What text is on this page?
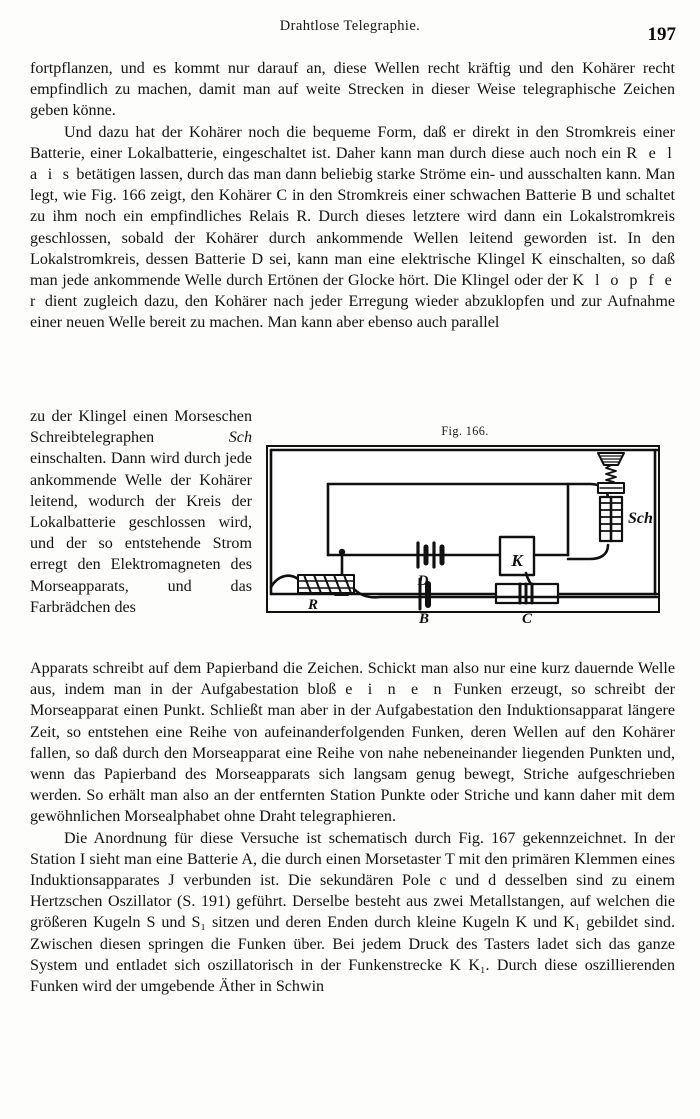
Drahtlose Telegraphie.	197

fortpflanzen, und es kommt nur darauf an, diese Wellen recht kräftig und den Kohärer recht empfindlich zu machen, damit man auf weite Strecken in dieser Weise telegraphische Zeichen geben könne.

Und dazu hat der Kohärer noch die bequeme Form, daß er direkt in den Stromkreis einer Batterie, einer Lokalbatterie, eingeschaltet ist. Daher kann man durch diese auch noch ein R e l a i s betätigen lassen, durch das man dann beliebig starke Ströme ein- und ausschalten kann. Man legt, wie Fig. 166 zeigt, den Kohärer C in den Stromkreis einer schwachen Batterie B und schaltet zu ihm noch ein empfindliches Relais R. Durch dieses letztere wird dann ein Lokalstromkreis geschlossen, sobald der Kohärer durch ankommende Wellen leitend geworden ist. In den Lokalstromkreis, dessen Batterie D sei, kann man eine elektrische Klingel K einschalten, so daß man jede ankommende Welle durch Ertönen der Glocke hört. Die Klingel oder der K l o p f e r dient zugleich dazu, den Kohärer nach jeder Erregung wieder abzuklopfen und zur Aufnahme einer neuen Welle bereit zu machen. Man kann aber ebenso auch parallel

zu der Klingel einen Morseschen Schreibtelegraphen Sch einschalten. Dann wird durch jede ankommende Welle der Kohärer leitend, wodurch der Kreis der Lokalbatterie geschlossen wird, und der so entstehende Strom erregt den Elektromagneten des Morseapparats, und das Farbrädchen des

Fig. 166.
R
D
K
B	C
Sch

Apparats schreibt auf dem Papierband die Zeichen. Schickt man also nur eine kurz dauernde Welle aus, indem man in der Aufgabestation bloß e i n e n Funken erzeugt, so schreibt der Morseapparat einen Punkt. Schließt man aber in der Aufgabestation den Induktionsapparat längere Zeit, so entstehen eine Reihe von aufeinanderfolgenden Funken, deren Wellen auf den Kohärer fallen, so daß durch den Morseapparat eine Reihe von nahe nebeneinander liegenden Punkten und, wenn das Papierband des Morseapparats sich langsam genug bewegt, Striche aufgeschrieben werden. So erhält man also an der entfernten Station Punkte oder Striche und kann daher mit dem gewöhnlichen Morsealphabet ohne Draht telegraphieren.

Die Anordnung für diese Versuche ist schematisch durch Fig. 167 gekennzeichnet. In der Station I sieht man eine Batterie A, die durch einen Morsetaster T mit den primären Klemmen eines Induktionsapparates J verbunden ist. Die sekundären Pole c und d desselben sind zu einem Hertzschen Oszillator (S. 191) geführt. Derselbe besteht aus zwei Metallstangen, auf welchen die größeren Kugeln S und S₁ sitzen und deren Enden durch kleine Kugeln K und K₁ gebildet sind. Zwischen diesen springen die Funken über. Bei jedem Druck des Tasters ladet sich das ganze System und entladet sich oszillatorisch in der Funkenstrecke K K₁. Durch diese oszillierenden Funken wird der umgebende Äther in Schwin
